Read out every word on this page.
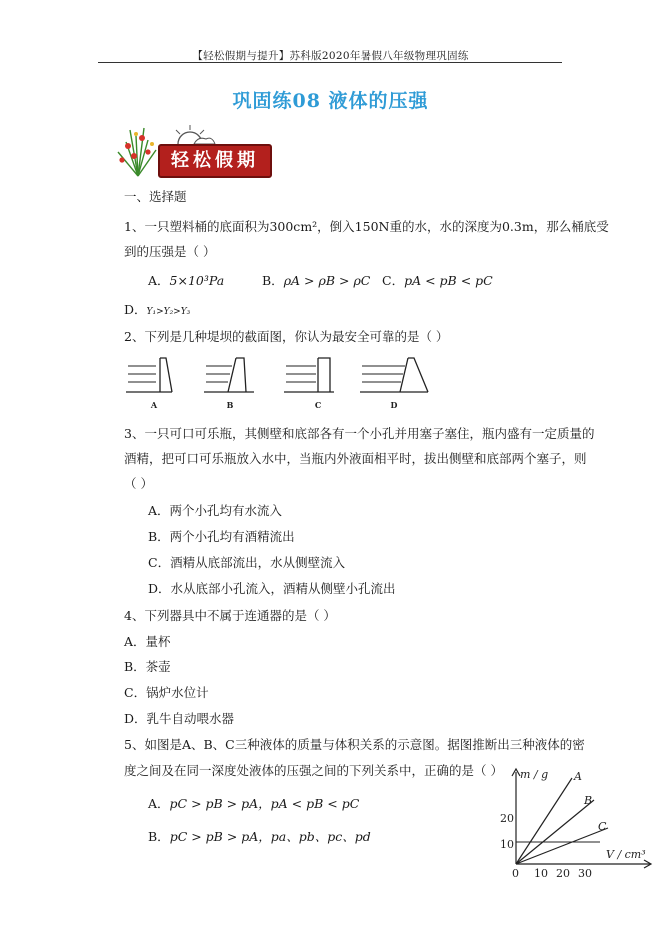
【轻松假期与提升】苏科版2020年暑假八年级物理巩固练
巩固练08 液体的压强
轻松假期
一、选择题
1、一只塑料桶的底面积为300cm²，倒入150N重的水，水的深度为0.3m，那么桶底受
到的压强是（ ）
A．5×10³Pa	B．ρA > ρB > ρC C．pA < pB < pC
D．Y₁>Y₂>Y₃
2、下列是几种堤坝的截面图，你认为最安全可靠的是（ ）
A	B	C	D
3、一只可口可乐瓶，其侧壁和底部各有一个小孔并用塞子塞住，瓶内盛有一定质量的
酒精，把可口可乐瓶放入水中，当瓶内外液面相平时，拔出侧壁和底部两个塞子，则
（ ）
A．两个小孔均有水流入
B．两个小孔均有酒精流出
C．酒精从底部流出，水从侧壁流入
D．水从底部小孔流入，酒精从侧壁小孔流出
4、下列器具中不属于连通器的是（ ）
A．量杯
B．茶壶
C．锅炉水位计
D．乳牛自动喂水器
5、如图是A、B、C三种液体的质量与体积关系的示意图。据图推断出三种液体的密
度之间及在同一深度处液体的压强之间的下列关系中，正确的是（ ）
A．pC > pB > pA，pA < pB < pC
B．pC > pB > pA，pa、pb、pc、pd
m / g
V / cm³
A
B
C
20
10
0 10 20 30
